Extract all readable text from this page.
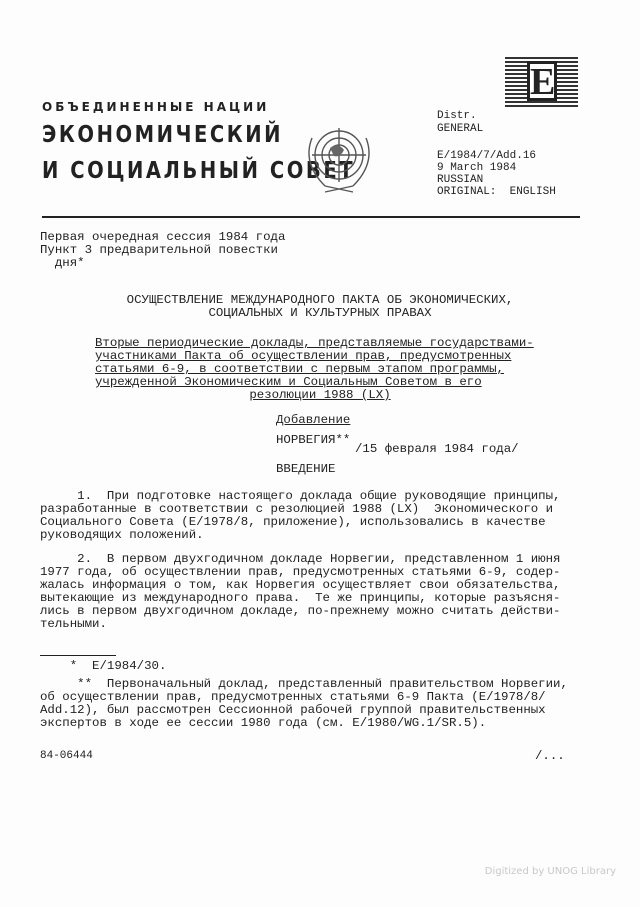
E
ОБЪЕДИНЕННЫЕ НАЦИИ
ЭКОНОМИЧЕСКИЙ
И СОЦИАЛЬНЫЙ СОВЕТ
Distr.
GENERAL
E/1984/7/Add.16
9 March 1984
RUSSIAN
ORIGINAL:  ENGLISH
Первая очередная сессия 1984 года
Пункт 3 предварительной повестки
дня*
ОСУЩЕСТВЛЕНИЕ МЕЖДУНАРОДНОГО ПАКТА ОБ ЭКОНОМИЧЕСКИХ,
СОЦИАЛЬНЫХ И КУЛЬТУРНЫХ ПРАВАХ
Вторые периодические доклады, представляемые государствами-
участниками Пакта об осуществлении прав, предусмотренных
статьями 6-9, в соответствии с первым этапом программы,
учрежденной Экономическим и Социальным Советом в его
резолюции 1988 (LX)
Добавление
НОРВЕГИЯ**
/15 февраля 1984 года/
ВВЕДЕНИЕ
1.  При подготовке настоящего доклада общие руководящие принципы,
разработанные в соответствии с резолюцией 1988 (LX)  Экономического и
Социального Совета (E/1978/8, приложение), использовались в качестве
руководящих положений.
2.  В первом двухгодичном докладе Норвегии, представленном 1 июня
1977 года, об осуществлении прав, предусмотренных статьями 6-9, содер-
жалась информация о том, как Норвегия осуществляет свои обязательства,
вытекающие из международного права.  Те же принципы, которые разъясня-
лись в первом двухгодичном докладе, по-прежнему можно считать действи-
тельными.
*  E/1984/30.
**  Первоначальный доклад, представленный правительством Норвегии,
об осуществлении прав, предусмотренных статьями 6-9 Пакта (E/1978/8/
Add.12), был рассмотрен Сессионной рабочей группой правительственных
экспертов в ходе ее сессии 1980 года (см. E/1980/WG.1/SR.5).
84-06444	/...
Digitized by UNOG Library
